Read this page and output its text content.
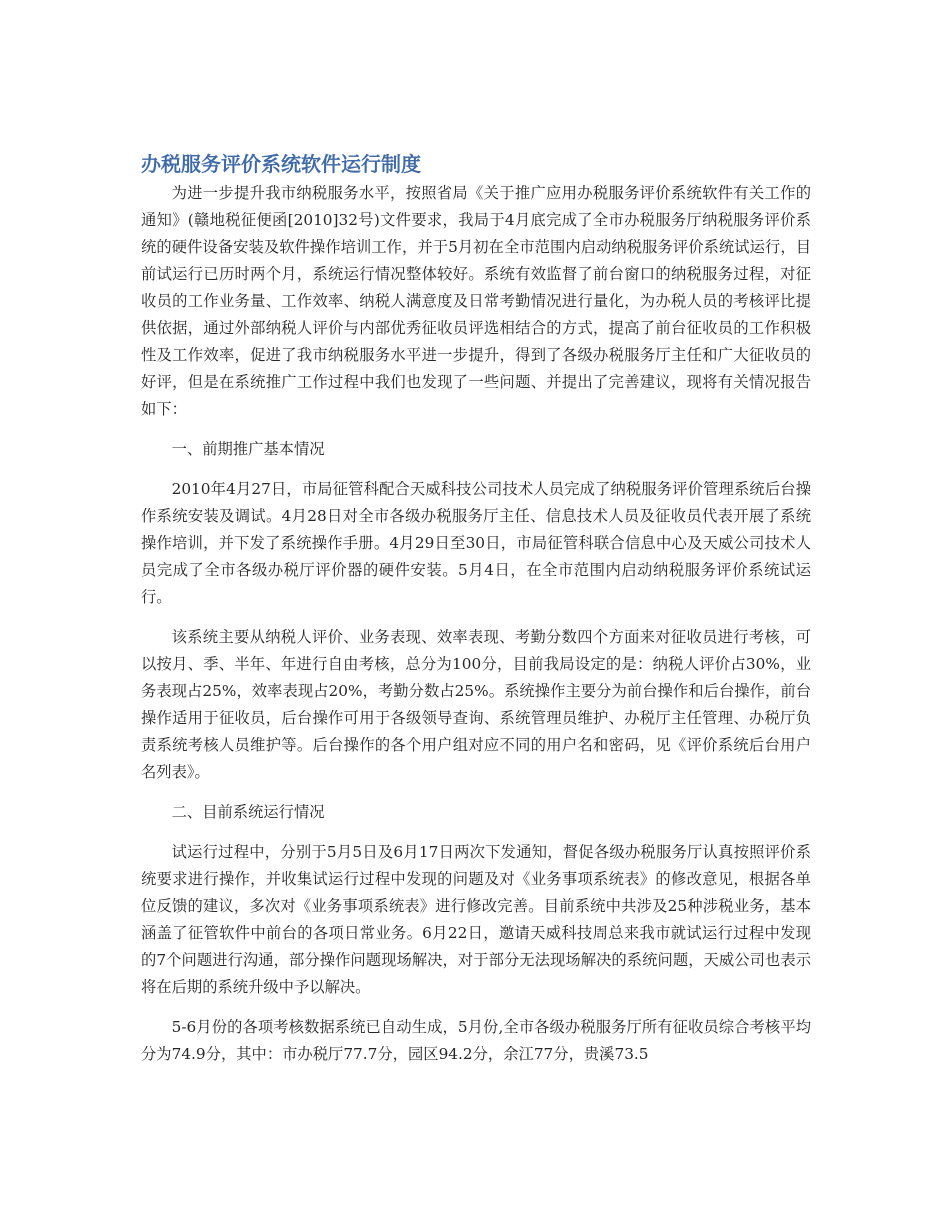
办税服务评价系统软件运行制度

为进一步提升我市纳税服务水平，按照省局《关于推广应用办税服务评价系统软件有关工作的通知》(赣地税征便函[2010]32号)文件要求，我局于4月底完成了全市办税服务厅纳税服务评价系统的硬件设备安装及软件操作培训工作，并于5月初在全市范围内启动纳税服务评价系统试运行，目前试运行已历时两个月，系统运行情况整体较好。系统有效监督了前台窗口的纳税服务过程，对征收员的工作业务量、工作效率、纳税人满意度及日常考勤情况进行量化，为办税人员的考核评比提供依据，通过外部纳税人评价与内部优秀征收员评选相结合的方式，提高了前台征收员的工作积极性及工作效率，促进了我市纳税服务水平进一步提升，得到了各级办税服务厅主任和广大征收员的好评，但是在系统推广工作过程中我们也发现了一些问题、并提出了完善建议，现将有关情况报告如下：

一、前期推广基本情况

2010年4月27日，市局征管科配合天威科技公司技术人员完成了纳税服务评价管理系统后台操作系统安装及调试。4月28日对全市各级办税服务厅主任、信息技术人员及征收员代表开展了系统操作培训，并下发了系统操作手册。4月29日至30日，市局征管科联合信息中心及天威公司技术人员完成了全市各级办税厅评价器的硬件安装。5月4日，在全市范围内启动纳税服务评价系统试运行。

该系统主要从纳税人评价、业务表现、效率表现、考勤分数四个方面来对征收员进行考核，可以按月、季、半年、年进行自由考核，总分为100分，目前我局设定的是：纳税人评价占30%，业务表现占25%，效率表现占20%，考勤分数占25%。系统操作主要分为前台操作和后台操作，前台操作适用于征收员，后台操作可用于各级领导查询、系统管理员维护、办税厅主任管理、办税厅负责系统考核人员维护等。后台操作的各个用户组对应不同的用户名和密码，见《评价系统后台用户名列表》。

二、目前系统运行情况

试运行过程中，分别于5月5日及6月17日两次下发通知，督促各级办税服务厅认真按照评价系统要求进行操作，并收集试运行过程中发现的问题及对《业务事项系统表》的修改意见，根据各单位反馈的建议，多次对《业务事项系统表》进行修改完善。目前系统中共涉及25种涉税业务，基本涵盖了征管软件中前台的各项日常业务。6月22日，邀请天威科技周总来我市就试运行过程中发现的7个问题进行沟通，部分操作问题现场解决，对于部分无法现场解决的系统问题，天威公司也表示将在后期的系统升级中予以解决。

5-6月份的各项考核数据系统已自动生成，5月份,全市各级办税服务厅所有征收员综合考核平均分为74.9分，其中：市办税厅77.7分，园区94.2分，余江77分，贵溪73.5
